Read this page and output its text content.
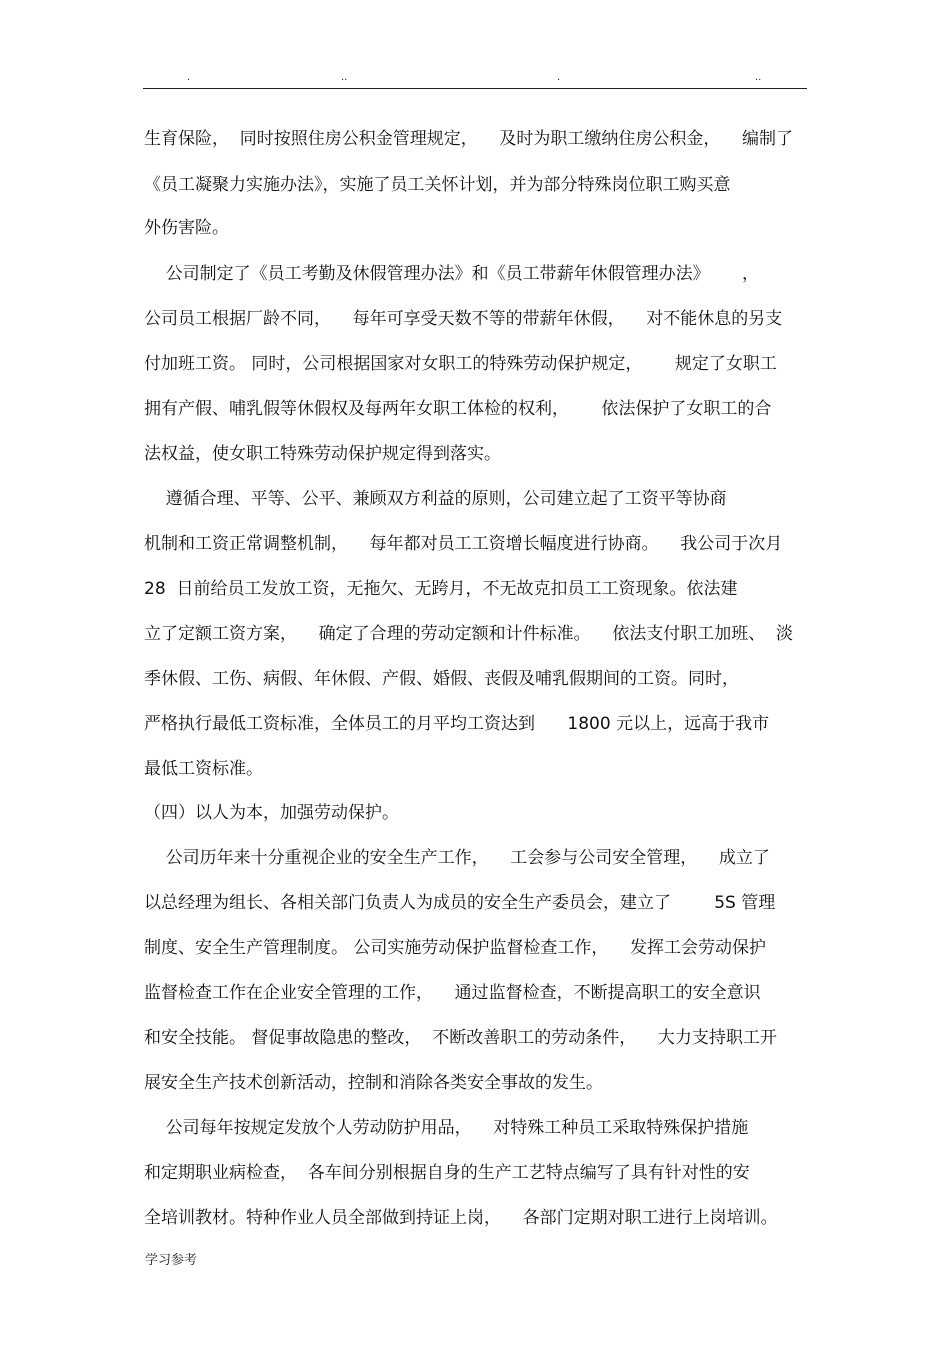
.	..	.	..
生育保险，  同时按照住房公积金管理规定，    及时为职工缴纳住房公积金，    编制了
《员工凝聚力实施办法》，实施了员工关怀计划，并为部分特殊岗位职工购买意
外伤害险。
公司制定了《员工考勤及休假管理办法》和《员工带薪年休假管理办法》      ，
公司员工根据厂龄不同，    每年可享受天数不等的带薪年休假，    对不能休息的另支
付加班工资。 同时，公司根据国家对女职工的特殊劳动保护规定，      规定了女职工
拥有产假、哺乳假等休假权及每两年女职工体检的权利，      依法保护了女职工的合
法权益，使女职工特殊劳动保护规定得到落实。
遵循合理、平等、公平、兼顾双方利益的原则，公司建立起了工资平等协商
机制和工资正常调整机制，    每年都对员工工资增长幅度进行协商。    我公司于次月
28  日前给员工发放工资，无拖欠、无跨月，不无故克扣员工工资现象。依法建
立了定额工资方案，    确定了合理的劳动定额和计件标准。    依法支付职工加班、  淡
季休假、工伤、病假、年休假、产假、婚假、丧假及哺乳假期间的工资。同时，
严格执行最低工资标准，全体员工的月平均工资达到      1800 元以上，远高于我市
最低工资标准。
（四）以人为本，加强劳动保护。
公司历年来十分重视企业的安全生产工作，    工会参与公司安全管理，    成立了
以总经理为组长、各相关部门负责人为成员的安全生产委员会，建立了        5S 管理
制度、安全生产管理制度。 公司实施劳动保护监督检查工作，    发挥工会劳动保护
监督检查工作在企业安全管理的工作，    通过监督检查，不断提高职工的安全意识
和安全技能。 督促事故隐患的整改，  不断改善职工的劳动条件，    大力支持职工开
展安全生产技术创新活动，控制和消除各类安全事故的发生。
公司每年按规定发放个人劳动防护用品，    对特殊工种员工采取特殊保护措施
和定期职业病检查，  各车间分别根据自身的生产工艺特点编写了具有针对性的安
全培训教材。特种作业人员全部做到持证上岗，    各部门定期对职工进行上岗培训。
学习参考
